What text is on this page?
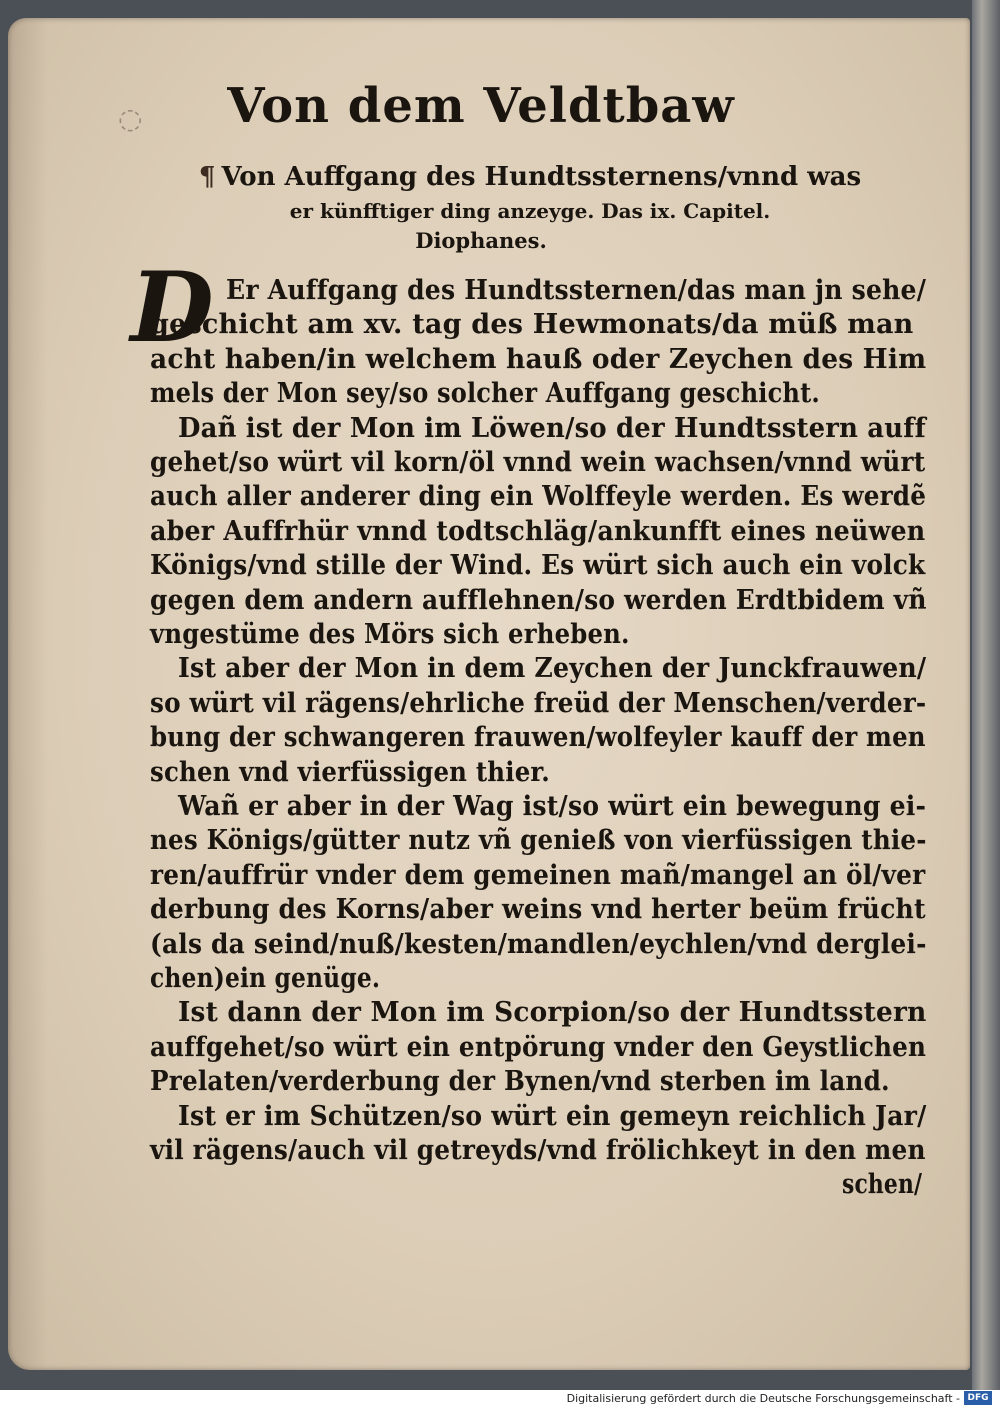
◌	Von dem Veldtbaw
¶ Von Auffgang des Hundtssternens/vnnd was
er künfftiger ding anzeyge. Das ix. Capitel.
Diophanes.
D Er Auffgang des Hundtssternen/das man jn sehe/
geschicht am xv. tag des Hewmonats/da müß man
acht haben/in welchem hauß oder Zeychen des Him
mels der Mon sey/so solcher Auffgang geschicht.
Dañ ist der Mon im Löwen/so der Hundtsstern auff
gehet/so würt vil korn/öl vnnd wein wachsen/vnnd würt
auch aller anderer ding ein Wolffeyle werden. Es werdẽ
aber Auffrhür vnnd todtschläg/ankunfft eines neüwen
Königs/vnd stille der Wind. Es würt sich auch ein volck
gegen dem andern aufflehnen/so werden Erdtbidem vñ
vngestüme des Mörs sich erheben.
Ist aber der Mon in dem Zeychen der Junckfrauwen/
so würt vil rägens/ehrliche freüd der Menschen/verder-
bung der schwangeren frauwen/wolfeyler kauff der men
schen vnd vierfüssigen thier.
Wañ er aber in der Wag ist/so würt ein bewegung ei-
nes Königs/gütter nutz vñ genieß von vierfüssigen thie-
ren/auffrür vnder dem gemeinen mañ/mangel an öl/ver
derbung des Korns/aber weins vnd herter beüm frücht
(als da seind/nuß/kesten/mandlen/eychlen/vnd derglei-
chen)ein genüge.
Ist dann der Mon im Scorpion/so der Hundtsstern
auffgehet/so würt ein entpörung vnder den Geystlichen
Prelaten/verderbung der Bynen/vnd sterben im land.
Ist er im Schützen/so würt ein gemeyn reichlich Jar/
vil rägens/auch vil getreyds/vnd frölichkeyt in den men
schen/
Digitalisierung gefördert durch die Deutsche Forschungsgemeinschaft - DFG
